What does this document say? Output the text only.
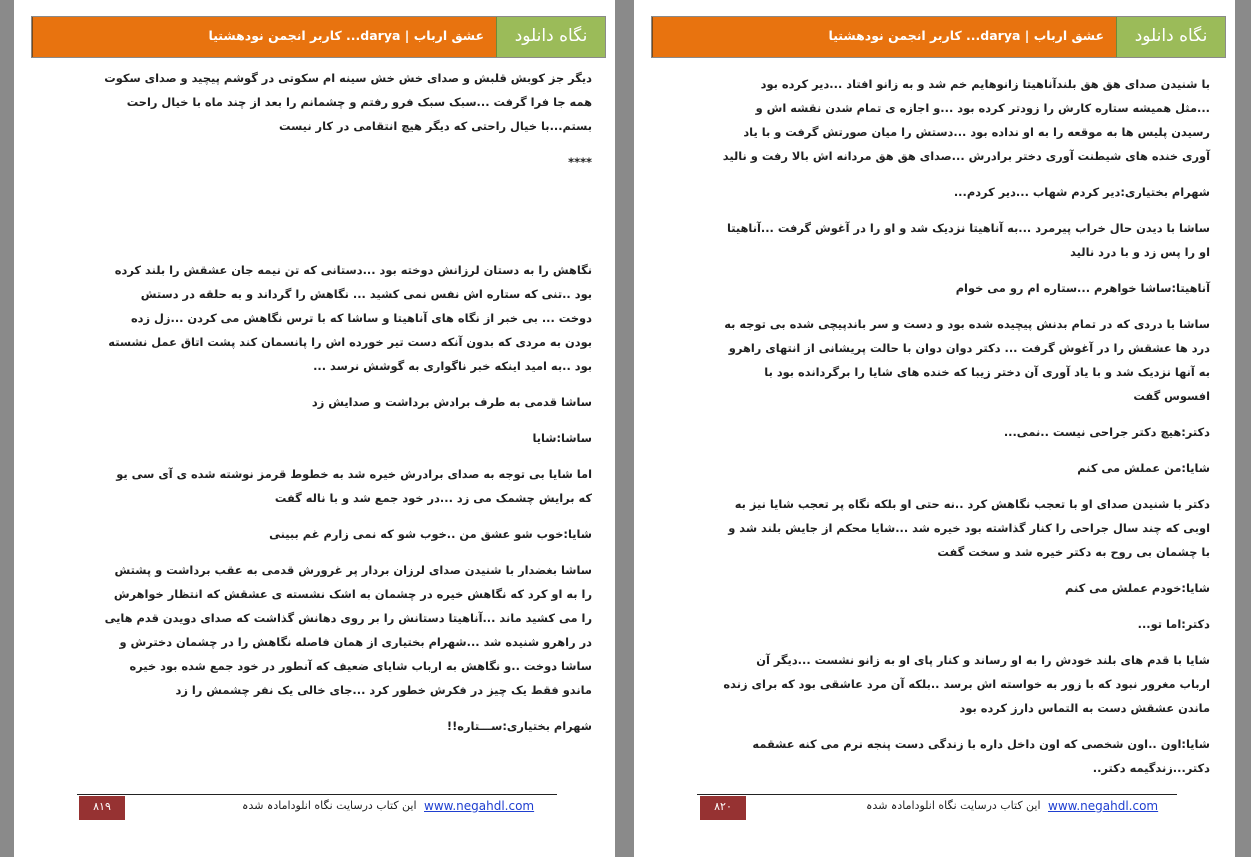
عشق ارباب | darya... کاربر انجمن نودهشتیا	نگاه دانلود

دیگر جز کوبش قلبش و صدای خش خش سینه ام سکوتی در گوشم پیچید و صدای سکوت همه جا فرا گرفت ...سبک سبک فرو رفتم و چشمانم را بعد از چند ماه با خیال راحت بستم...با خیال راحتی که دیگر هیچ انتقامی در کار نیست

****

نگاهش را به دستان لرزانش دوخته بود ...دستانی که تن نیمه جان عشقش را بلند کرده بود ..تنی که ستاره اش نفس نمی کشید ... نگاهش را گرداند و به حلقه در دستش دوخت ... بی خبر از نگاه های آناهیتا و ساشا که با ترس نگاهش می کردن ...زل زده بودن به مردی که بدون آنکه دست تیر خورده اش را پانسمان کند پشت اتاق عمل نشسته بود ..به امید اینکه خبر ناگواری به گوشش نرسد ...

ساشا قدمی به طرف برادش برداشت و صدایش زد

ساشا:شایا

اما شایا بی توجه به صدای برادرش خیره شد به خطوط قرمز نوشته شده ی آی سی یو که برایش چشمک می زد ...در خود جمع شد و با ناله گفت

شایا:خوب شو عشق من ..خوب شو که نمی زارم غم ببینی

ساشا بغضدار با شنیدن صدای لرزان بردار پر غرورش قدمی به عقب برداشت و پشتش را به او کرد که نگاهش خیره در چشمان به اشک نشسته ی عشقش که انتظار خواهرش را می کشید ماند ...آناهیتا دستانش را بر روی دهانش گذاشت که صدای دویدن قدم هایی در راهرو شنیده شد ...شهرام بختیاری از همان فاصله نگاهش را در چشمان دخترش و ساشا دوخت ..و نگاهش به ارباب شایای ضعیف که آنطور در خود جمع شده بود خیره ماندو فقط یک چیز در فکرش خطور کرد ...جای خالی یک نفر چشمش را زد

شهرام بختیاری:ســـتاره!!

۸۱۹	www.negahdl.com
این کتاب درسایت نگاه انلودامادہ شدہ
عشق ارباب | darya... کاربر انجمن نودهشتیا	نگاه دانلود

با شنیدن صدای هق هق بلندآناهیتا زانوهایم خم شد و به زانو افتاد ...دیر کرده بود ...مثل همیشه ستاره کارش را زودتر کرده بود ...و اجازه ی تمام شدن نقشه اش و رسیدن پلیس ها به موقعه را به او نداده بود ...دستش را میان صورتش گرفت و با یاد آوری خنده های شیطنت آوری دختر برادرش ...صدای هق هق مردانه اش بالا رفت و نالید

شهرام بختیاری:دیر کردم شهاب ...دیر کردم...

ساشا با دیدن حال خراب پیرمرد ...به آناهیتا نزدیک شد و او را در آغوش گرفت ...آناهیتا او را پس زد و با درد نالید

آناهیتا:ساشا خواهرم ...ستاره ام رو می خوام

ساشا با دردی که در تمام بدنش پیچیده شده بود و دست و سر باندپیچی شده بی توجه به درد ها عشقش را در آغوش گرفت ... دکتر دوان دوان با حالت پریشانی از انتهای راهرو به آنها نزدیک شد و با یاد آوری آن دختر زیبا که خنده های شایا را برگردانده بود با افسوس گفت

دکتر:هیچ دکتر جراحی نیست ..نمی...

شایا:من عملش می کنم

دکتر با شنیدن صدای او با تعجب نگاهش کرد ..نه حتی او بلکه نگاه پر تعجب شایا نیز به اوبی که چند سال جراحی را کنار گذاشته بود خیره شد ...شایا محکم از جایش بلند شد و با چشمان بی روح به دکتر خیره شد و سخت گفت

شایا:خودم عملش می کنم

دکتر:اما تو...

شایا با قدم های بلند خودش را به او رساند و کنار پای او به زانو نشست ...دیگر آن ارباب مغرور نبود که با زور به خواسته اش برسد ..بلکه آن مرد عاشقی بود که برای زنده ماندن عشقش دست به التماس دارز کرده بود

شایا:اون ..اون شخصی که اون داخل داره با زندگی دست پنجه نرم می کنه عشقمه دکتر...زندگیمه دکتر..

۸۲۰	www.negahdl.com
این کتاب درسایت نگاه انلودامادہ شدہ
